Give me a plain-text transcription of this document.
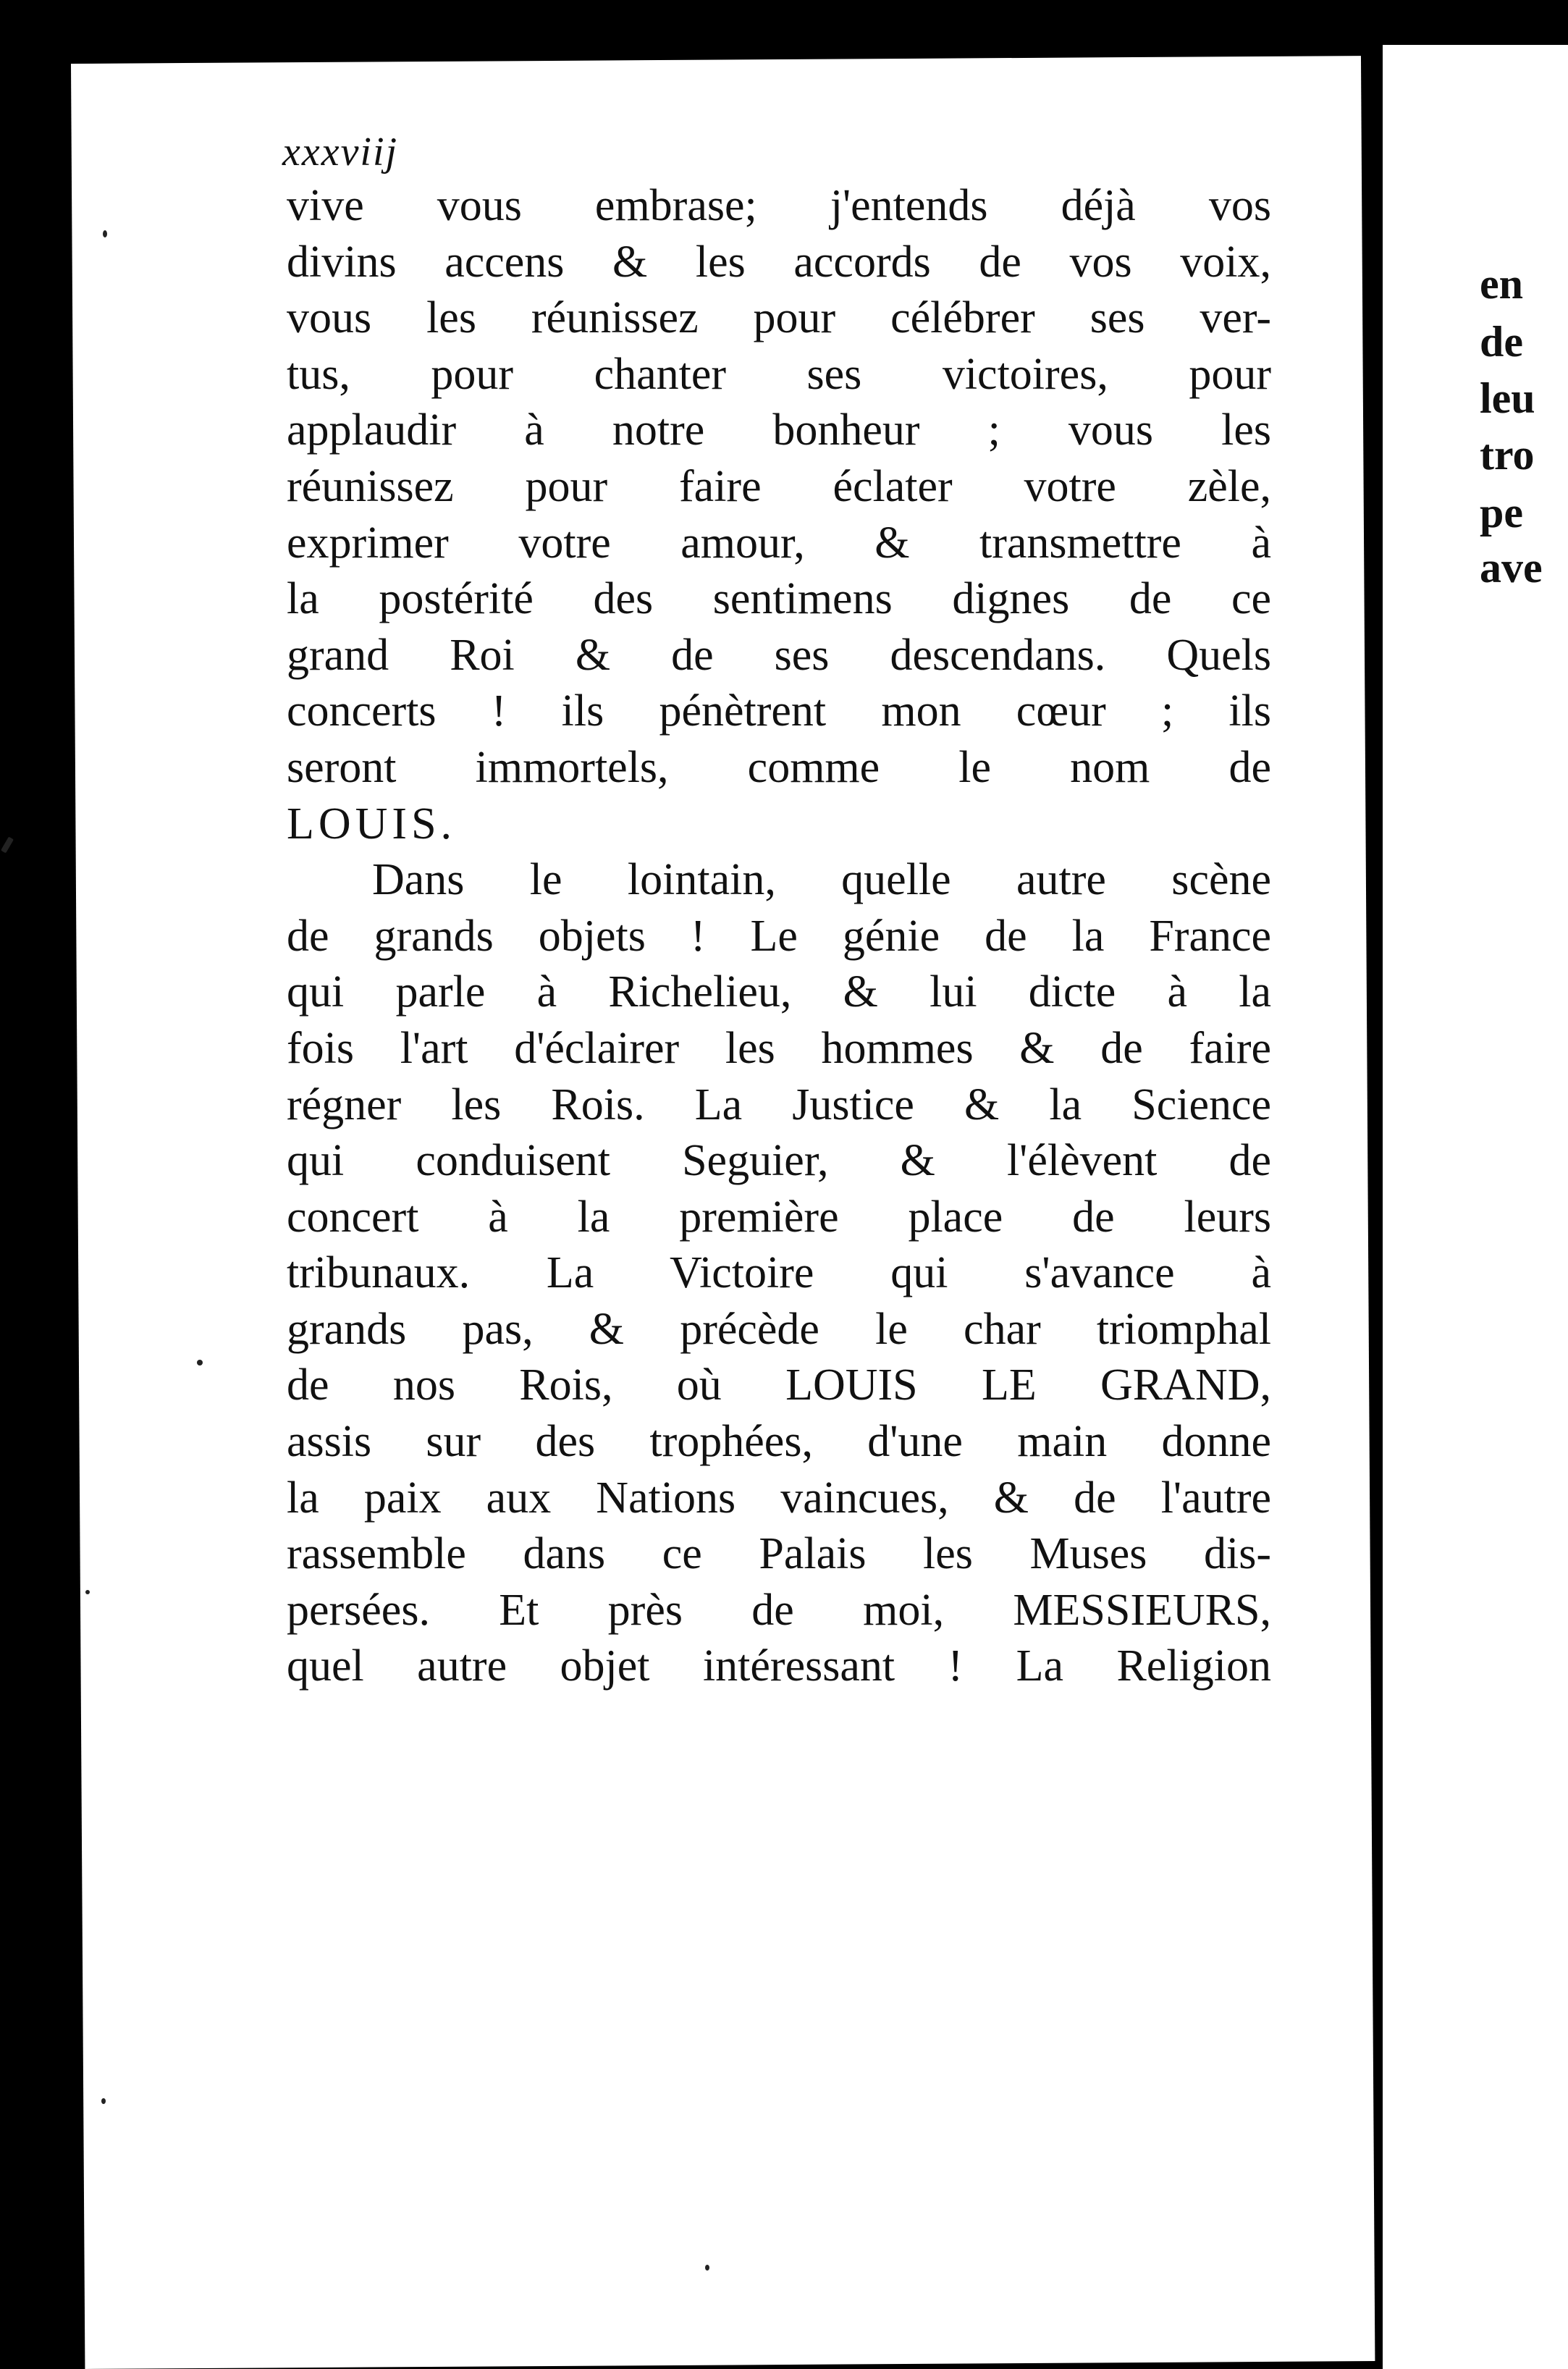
xxxviij
vive vous embrase; j'entends déjà vos
divins accens & les accords de vos voix,
vous les réunissez pour célébrer ses ver-
tus, pour chanter ses victoires, pour
applaudir à notre bonheur ; vous les
réunissez pour faire éclater votre zèle,
exprimer votre amour, & transmettre à
la postérité des sentimens dignes de ce
grand Roi & de ses descendans. Quels
concerts ! ils pénètrent mon cœur ; ils
seront immortels, comme le nom de
LOUIS.
Dans le lointain, quelle autre scène
de grands objets ! Le génie de la France
qui parle à Richelieu, & lui dicte à la
fois l'art d'éclairer les hommes & de faire
régner les Rois. La Justice & la Science
qui conduisent Seguier, & l'élèvent de
concert à la première place de leurs
tribunaux. La Victoire qui s'avance à
grands pas, & précède le char triomphal
de nos Rois, où LOUIS LE GRAND,
assis sur des trophées, d'une main donne
la paix aux Nations vaincues, & de l'autre
rassemble dans ce Palais les Muses dis-
persées. Et près de moi, MESSIEURS,
quel autre objet intéressant ! La Religion
en
de
leu
tro
pe
ave
